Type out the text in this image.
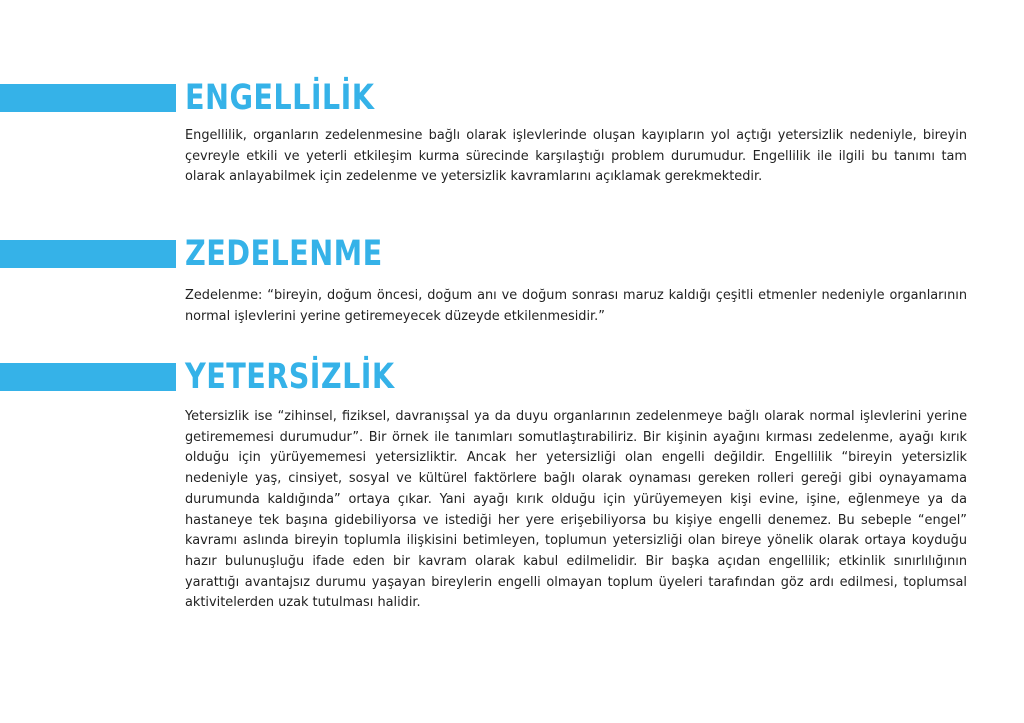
ENGELLİLİK

Engellilik, organların zedelenmesine bağlı olarak işlevlerinde oluşan kayıpların yol açtığı yetersizlik nedeniyle, bireyin çevreyle etkili ve yeterli etkileşim kurma sürecinde karşılaştığı problem durumudur. Engellilik ile ilgili bu tanımı tam olarak anlayabilmek için zedelenme ve yetersizlik kavramlarını açıklamak gerekmektedir.

ZEDELENME

Zedelenme: “bireyin, doğum öncesi, doğum anı ve doğum sonrası maruz kaldığı çeşitli etmenler nedeniyle organlarının normal işlevlerini yerine getiremeyecek düzeyde etkilenmesidir.”

YETERSİZLİK

Yetersizlik ise “zihinsel, fiziksel, davranışsal ya da duyu organlarının zedelenmeye bağlı olarak normal işlevlerini yerine getirememesi durumudur”. Bir örnek ile tanımları somutlaştırabiliriz. Bir kişinin ayağını kırması zedelenme, ayağı kırık olduğu için yürüyememesi yetersizliktir. Ancak her yetersizliği olan engelli değildir. Engellilik “bireyin yetersizlik nedeniyle yaş, cinsiyet, sosyal ve kültürel faktörlere bağlı olarak oynaması gereken rolleri gereği gibi oynayamama durumunda kaldığında” ortaya çıkar. Yani ayağı kırık olduğu için yürüyemeyen kişi evine, işine, eğlenmeye ya da hastaneye tek başına gidebiliyorsa ve istediği her yere erişebiliyorsa bu kişiye engelli denemez. Bu sebeple “engel” kavramı aslında bireyin toplumla ilişkisini betimleyen, toplumun yetersizliği olan bireye yönelik olarak ortaya koyduğu hazır bulunuşluğu ifade eden bir kavram olarak kabul edilmelidir. Bir başka açıdan engellilik; etkinlik sınırlılığının yarattığı avantajsız durumu yaşayan bireylerin engelli olmayan toplum üyeleri tarafından göz ardı edilmesi, toplumsal aktivitelerden uzak tutulması halidir.
